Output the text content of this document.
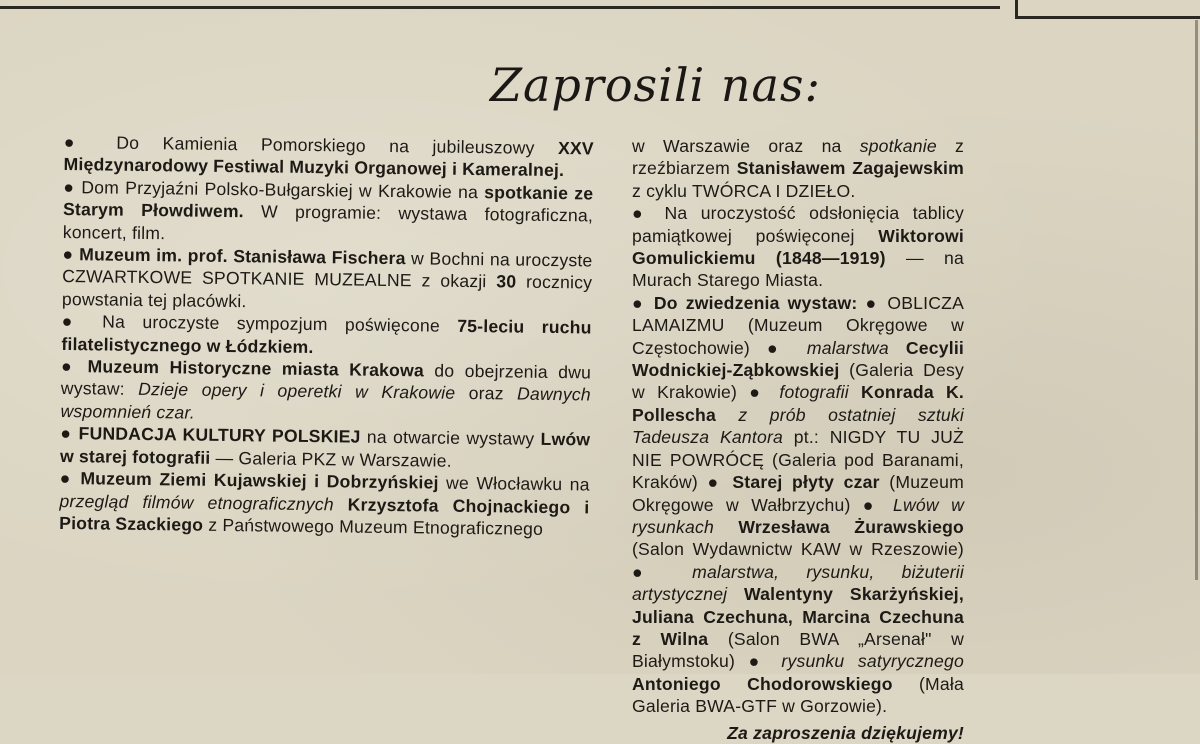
Zaprosili nas:

● Do Kamienia Pomorskiego na jubileuszowy XXV Międzynarodowy Festiwal Muzyki Organowej i Kameralnej.

● Dom Przyjaźni Polsko-Bułgarskiej w Krakowie na spotkanie ze Starym Płowdiwem. W programie: wystawa fotograficzna, koncert, film.

● Muzeum im. prof. Stanisława Fischera w Bochni na uroczyste CZWARTKOWE SPOTKANIE MUZEALNE z okazji 30 rocznicy powstania tej placówki.

● Na uroczyste sympozjum poświęcone 75-leciu ruchu filatelistycznego w Łódzkiem.

● Muzeum Historyczne miasta Krakowa do obejrzenia dwu wystaw: Dzieje opery i operetki w Krakowie oraz Dawnych wspomnień czar.

● FUNDACJA KULTURY POLSKIEJ na otwarcie wystawy Lwów w starej fotografii — Galeria PKZ w Warszawie.

● Muzeum Ziemi Kujawskiej i Dobrzyńskiej we Włocławku na przegląd filmów etnograficznych Krzysztofa Chojnackiego i Piotra Szackiego z Państwowego Muzeum Etnograficznego

w Warszawie oraz na spotkanie z rzeźbiarzem Stanisławem Zagajewskim z cyklu TWÓRCA I DZIEŁO.

● Na uroczystość odsłonięcia tablicy pamiątkowej poświęconej Wiktorowi Gomulickiemu (1848—1919) — na Murach Starego Miasta.

● Do zwiedzenia wystaw: ● OBLICZA LAMAIZMU (Muzeum Okręgowe w Częstochowie) ● malarstwa Cecylii Wodnickiej-Ząbkowskiej (Galeria Desy w Krakowie) ● fotografii Konrada K. Pollescha z prób ostatniej sztuki Tadeusza Kantora pt.: NIGDY TU JUŻ NIE POWRÓCĘ (Galeria pod Baranami, Kraków) ● Starej płyty czar (Muzeum Okręgowe w Wałbrzychu) ● Lwów w rysunkach Wrzesława Żurawskiego (Salon Wydawnictw KAW w Rzeszowie) ● malarstwa, rysunku, biżuterii artystycznej Walentyny Skarżyńskiej, Juliana Czechuna, Marcina Czechuna z Wilna (Salon BWA „Arsenał" w Białymstoku) ● rysunku satyrycznego Antoniego Chodorowskiego (Mała Galeria BWA-GTF w Gorzowie).

Za zaproszenia dziękujemy!
